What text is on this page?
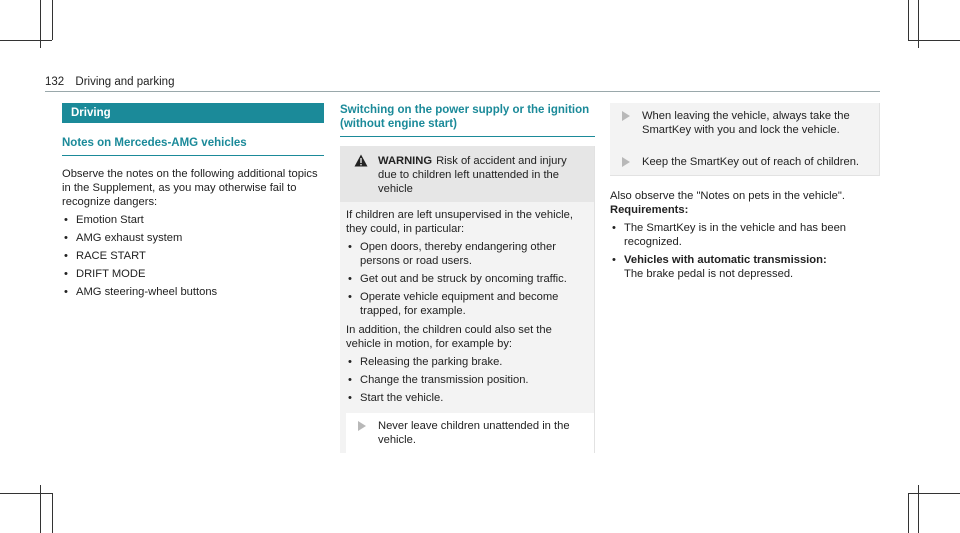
132 Driving and parking
Driving
Notes on Mercedes-AMG vehicles

Observe the notes on the following additional topics in the Supplement, as you may otherwise fail to recognize dangers:

• Emotion Start
• AMG exhaust system
• RACE START
• DRIFT MODE
• AMG steering-wheel buttons
Switching on the power supply or the ignition (without engine start)
WARNING Risk of accident and injury due to children left unattended in the vehicle

If children are left unsupervised in the vehicle, they could, in particular:

• Open doors, thereby endangering other persons or road users.
• Get out and be struck by oncoming traffic.
• Operate vehicle equipment and become trapped, for example.

In addition, the children could also set the vehicle in motion, for example by:

• Releasing the parking brake.
• Change the transmission position.
• Start the vehicle.
Never leave children unattended in the vehicle.
When leaving the vehicle, always take the SmartKey with you and lock the vehicle.
Keep the SmartKey out of reach of children.

Also observe the "Notes on pets in the vehicle".

Requirements:

• The SmartKey is in the vehicle and has been recognized.
• Vehicles with automatic transmission:
The brake pedal is not depressed.
